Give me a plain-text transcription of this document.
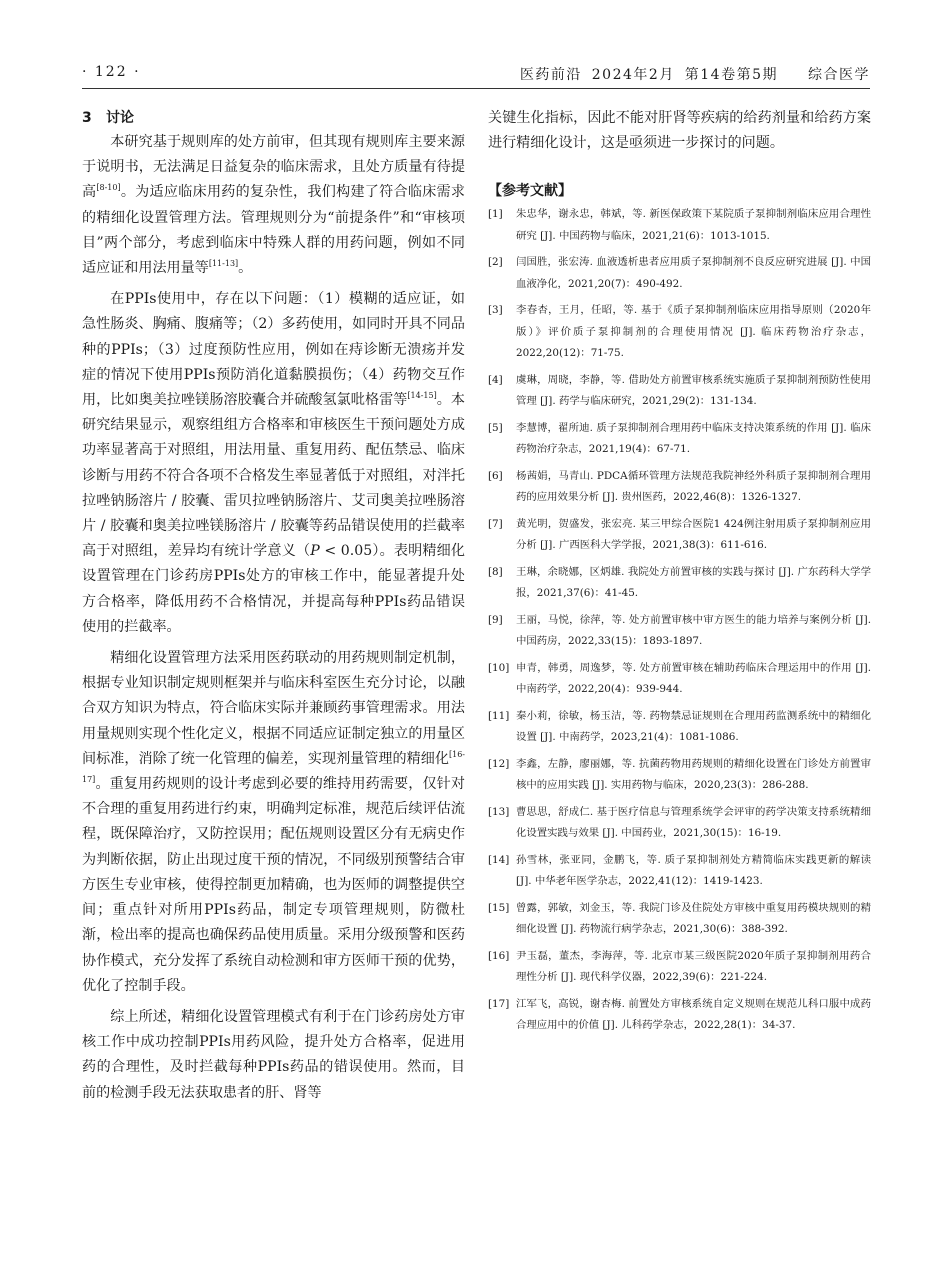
· 122 ·	医药前沿 2024年2月 第14卷第5期 综合医学
3 讨论

本研究基于规则库的处方前审，但其现有规则库主要来源于说明书，无法满足日益复杂的临床需求，且处方质量有待提高[8-10]。为适应临床用药的复杂性，我们构建了符合临床需求的精细化设置管理方法。管理规则分为“前提条件”和“审核项目”两个部分，考虑到临床中特殊人群的用药问题，例如不同适应证和用法用量等[11-13]。

在PPIs使用中，存在以下问题：（1）模糊的适应证，如急性肠炎、胸痛、腹痛等；（2）多药使用，如同时开具不同品种的PPIs；（3）过度预防性应用，例如在痔诊断无溃疡并发症的情况下使用PPIs预防消化道黏膜损伤；（4）药物交互作用，比如奥美拉唑镁肠溶胶囊合并硫酸氢氯吡格雷等[14-15]。本研究结果显示，观察组组方合格率和审核医生干预问题处方成功率显著高于对照组，用法用量、重复用药、配伍禁忌、临床诊断与用药不符合各项不合格发生率显著低于对照组，对泮托拉唑钠肠溶片 / 胶囊、雷贝拉唑钠肠溶片、艾司奥美拉唑肠溶片 / 胶囊和奥美拉唑镁肠溶片 / 胶囊等药品错误使用的拦截率高于对照组，差异均有统计学意义（P < 0.05）。表明精细化设置管理在门诊药房PPIs处方的审核工作中，能显著提升处方合格率，降低用药不合格情况，并提高每种PPIs药品错误使用的拦截率。

精细化设置管理方法采用医药联动的用药规则制定机制，根据专业知识制定规则框架并与临床科室医生充分讨论，以融合双方知识为特点，符合临床实际并兼顾药事管理需求。用法用量规则实现个性化定义，根据不同适应证制定独立的用量区间标准，消除了统一化管理的偏差，实现剂量管理的精细化[16-17]。重复用药规则的设计考虑到必要的维持用药需要，仅针对不合理的重复用药进行约束，明确判定标准，规范后续评估流程，既保障治疗，又防控误用；配伍规则设置区分有无病史作为判断依据，防止出现过度干预的情况，不同级别预警结合审方医生专业审核，使得控制更加精确，也为医师的调整提供空间；重点针对所用PPIs药品，制定专项管理规则，防微杜渐，检出率的提高也确保药品使用质量。采用分级预警和医药协作模式，充分发挥了系统自动检测和审方医师干预的优势，优化了控制手段。

综上所述，精细化设置管理模式有利于在门诊药房处方审核工作中成功控制PPIs用药风险，提升处方合格率，促进用药的合理性，及时拦截每种PPIs药品的错误使用。然而，目前的检测手段无法获取患者的肝、肾等

关键生化指标，因此不能对肝肾等疾病的给药剂量和给药方案进行精细化设计，这是亟须进一步探讨的问题。

【参考文献】
[1] 朱忠华，谢永忠，韩斌，等. 新医保政策下某院质子泵抑制剂临床应用合理性研究 [J]. 中国药物与临床，2021,21(6)：1013-1015.
[2] 闫国胜，张宏涛. 血液透析患者应用质子泵抑制剂不良反应研究进展 [J]. 中国血液净化，2021,20(7)：490-492.
[3] 李春杏，王月，任昭，等. 基于《质子泵抑制剂临床应用指导原则（2020年版）》评价质子泵抑制剂的合理使用情况 [J]. 临床药物治疗杂志，2022,20(12)：71-75.
[4] 虞琳，周晓，李静，等. 借助处方前置审核系统实施质子泵抑制剂预防性使用管理 [J]. 药学与临床研究，2021,29(2)：131-134.
[5] 李慧博，翟所迪. 质子泵抑制剂合理用药中临床支持决策系统的作用 [J]. 临床药物治疗杂志，2021,19(4)：67-71.
[6] 杨茜娟，马青山. PDCA循环管理方法规范我院神经外科质子泵抑制剂合理用药的应用效果分析 [J]. 贵州医药，2022,46(8)：1326-1327.
[7] 黄光明，贺盛发，张宏亮. 某三甲综合医院1 424例注射用质子泵抑制剂应用分析 [J]. 广西医科大学学报，2021,38(3)：611-616.
[8] 王琳，余晓娜，区炳雄. 我院处方前置审核的实践与探讨 [J]. 广东药科大学学报，2021,37(6)：41-45.
[9] 王丽，马悦，徐萍，等. 处方前置审核中审方医生的能力培养与案例分析 [J]. 中国药房，2022,33(15)：1893-1897.
[10] 申青，韩勇，周逸梦，等. 处方前置审核在辅助药临床合理运用中的作用 [J]. 中南药学，2022,20(4)：939-944.
[11] 秦小莉，徐敏，杨玉洁，等. 药物禁忌证规则在合理用药监测系统中的精细化设置 [J]. 中南药学，2023,21(4)：1081-1086.
[12] 李鑫，左静，廖丽娜，等. 抗菌药物用药规则的精细化设置在门诊处方前置审核中的应用实践 [J]. 实用药物与临床，2020,23(3)：286-288.
[13] 曹思思，舒成仁. 基于医疗信息与管理系统学会评审的药学决策支持系统精细化设置实践与效果 [J]. 中国药业，2021,30(15)：16-19.
[14] 孙雪林，张亚同，金鹏飞，等. 质子泵抑制剂处方精简临床实践更新的解读 [J]. 中华老年医学杂志，2022,41(12)：1419-1423.
[15] 曾露，郭敏，刘金玉，等. 我院门诊及住院处方审核中重复用药模块规则的精细化设置 [J]. 药物流行病学杂志，2021,30(6)：388-392.
[16] 尹玉磊，董杰，李海萍，等. 北京市某三级医院2020年质子泵抑制剂用药合理性分析 [J]. 现代科学仪器，2022,39(6)：221-224.
[17] 江军飞，高锐，谢杏梅. 前置处方审核系统自定义规则在规范儿科口服中成药合理应用中的价值 [J]. 儿科药学杂志，2022,28(1)：34-37.
